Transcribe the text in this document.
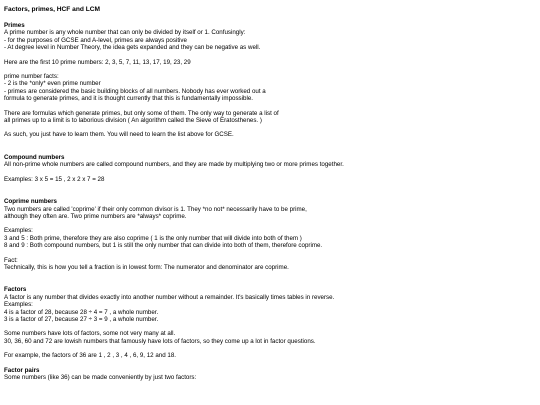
Factors, primes, HCF and LCM
Primes
A prime number is any whole number that can only be divided by itself or 1. Confusingly:
- for the purposes of GCSE and A-level, primes are always positive
- At degree level in Number Theory, the idea gets expanded and they can be negative as well.
Here are the first 10 prime numbers: 2, 3, 5, 7, 11, 13, 17, 19, 23, 29
prime number facts:
- 2 is the *only* even prime number
- primes are considered the basic building blocks of all numbers. Nobody has ever worked out a
formula to generate primes, and it is thought currently that this is fundamentally impossible.
There are formulas which generate primes, but only some of them. The only way to generate a list of
all primes up to a limit is to laborious division ( An algorithm called the Sieve of Eratosthenes. )
As such, you just have to learn them. You will need to learn the list above for GCSE.
Compound numbers
All non-prime whole numbers are called compound numbers, and they are made by multiplying two or more primes together.
Examples: 3 x 5 = 15 , 2 x 2 x 7 = 28
Coprime numbers
Two numbers are called 'coprime' if their only common divisor is 1. They *no not* necessarily have to be prime,
although they often are. Two prime numbers are *always* coprime.
Examples:
3 and 5 : Both prime, therefore they are also coprime ( 1 is the only number that will divide into both of them )
8 and 9 : Both compound numbers, but 1 is still the only number that can divide into both of them, therefore coprime.
Fact:
Technically, this is how you tell a fraction is in lowest form: The numerator and denominator are coprime.
Factors
A factor is any number that divides exactly into another number without a remainder. It's basically times tables in reverse.
Examples:
4 is a factor of 28, because 28 ÷ 4 = 7 , a whole number.
3 is a factor of 27, because 27 ÷ 3 = 9 , a whole number.
Some numbers have lots of factors, some not very many at all.
30, 36, 60 and 72 are lowish numbers that famously have lots of factors, so they come up a lot in factor questions.
For example, the factors of 36 are 1 , 2 , 3 , 4 , 6, 9, 12 and 18.
Factor pairs
Some numbers (like 36) can be made conveniently by just two factors:
